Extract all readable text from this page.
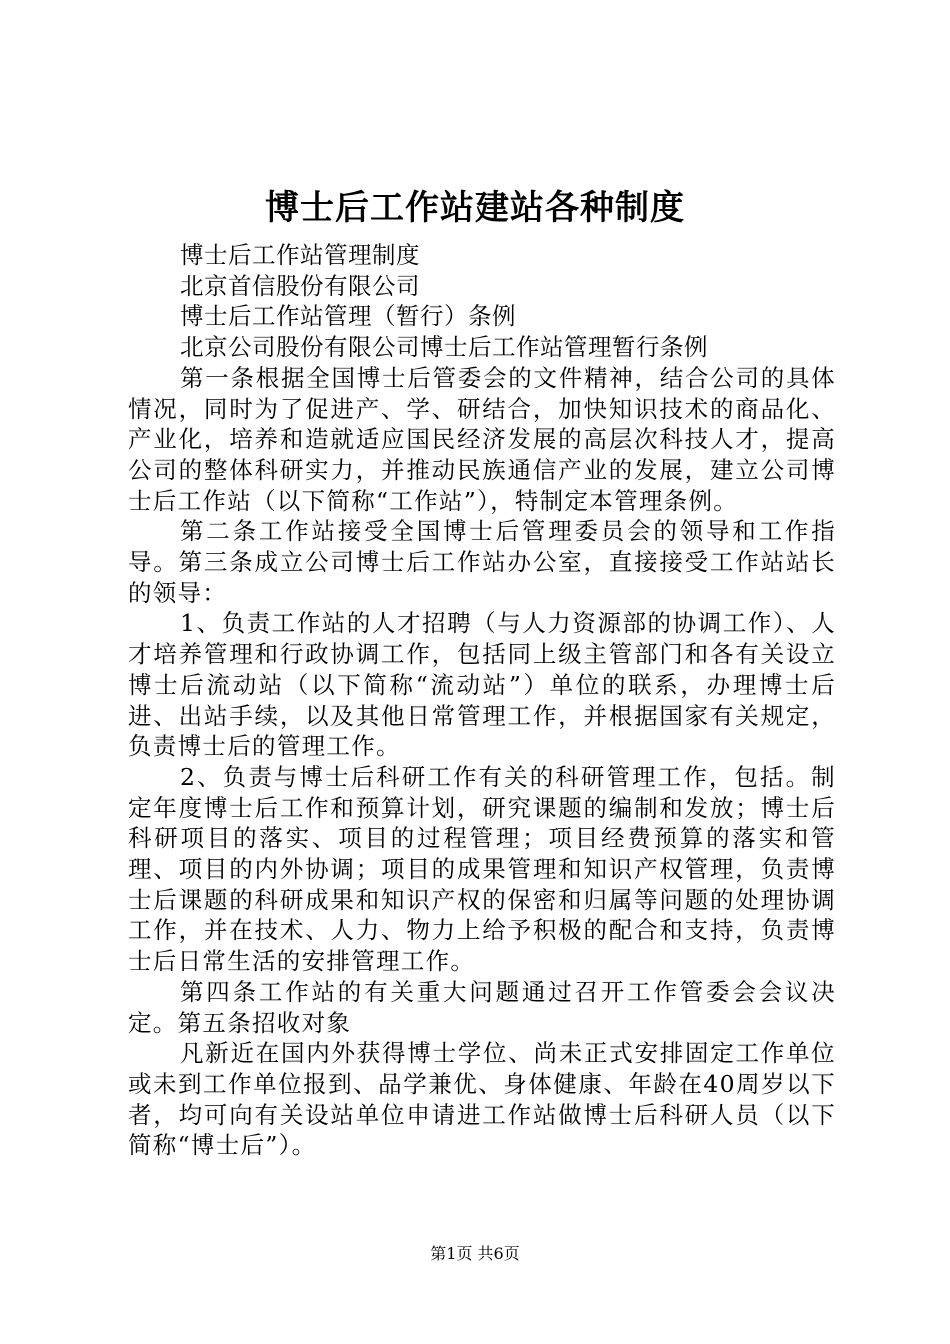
博士后工作站建站各种制度

博士后工作站管理制度

北京首信股份有限公司

博士后工作站管理（暂行）条例

北京公司股份有限公司博士后工作站管理暂行条例

第一条根据全国博士后管委会的文件精神，结合公司的具体情况，同时为了促进产、学、研结合，加快知识技术的商品化、产业化，培养和造就适应国民经济发展的高层次科技人才，提高公司的整体科研实力，并推动民族通信产业的发展，建立公司博士后工作站（以下简称“工作站”），特制定本管理条例。

第二条工作站接受全国博士后管理委员会的领导和工作指导。第三条成立公司博士后工作站办公室，直接接受工作站站长的领导：

1、负责工作站的人才招聘（与人力资源部的协调工作）、人才培养管理和行政协调工作，包括同上级主管部门和各有关设立博士后流动站（以下简称“流动站”）单位的联系，办理博士后进、出站手续，以及其他日常管理工作，并根据国家有关规定，负责博士后的管理工作。

2、负责与博士后科研工作有关的科研管理工作，包括。制定年度博士后工作和预算计划，研究课题的编制和发放；博士后科研项目的落实、项目的过程管理；项目经费预算的落实和管理、项目的内外协调；项目的成果管理和知识产权管理，负责博士后课题的科研成果和知识产权的保密和归属等问题的处理协调工作，并在技术、人力、物力上给予积极的配合和支持，负责博士后日常生活的安排管理工作。

第四条工作站的有关重大问题通过召开工作管委会会议决定。第五条招收对象

凡新近在国内外获得博士学位、尚未正式安排固定工作单位或未到工作单位报到、品学兼优、身体健康、年龄在40周岁以下者，均可向有关设站单位申请进工作站做博士后科研人员（以下简称“博士后”）。

第1页 共6页
